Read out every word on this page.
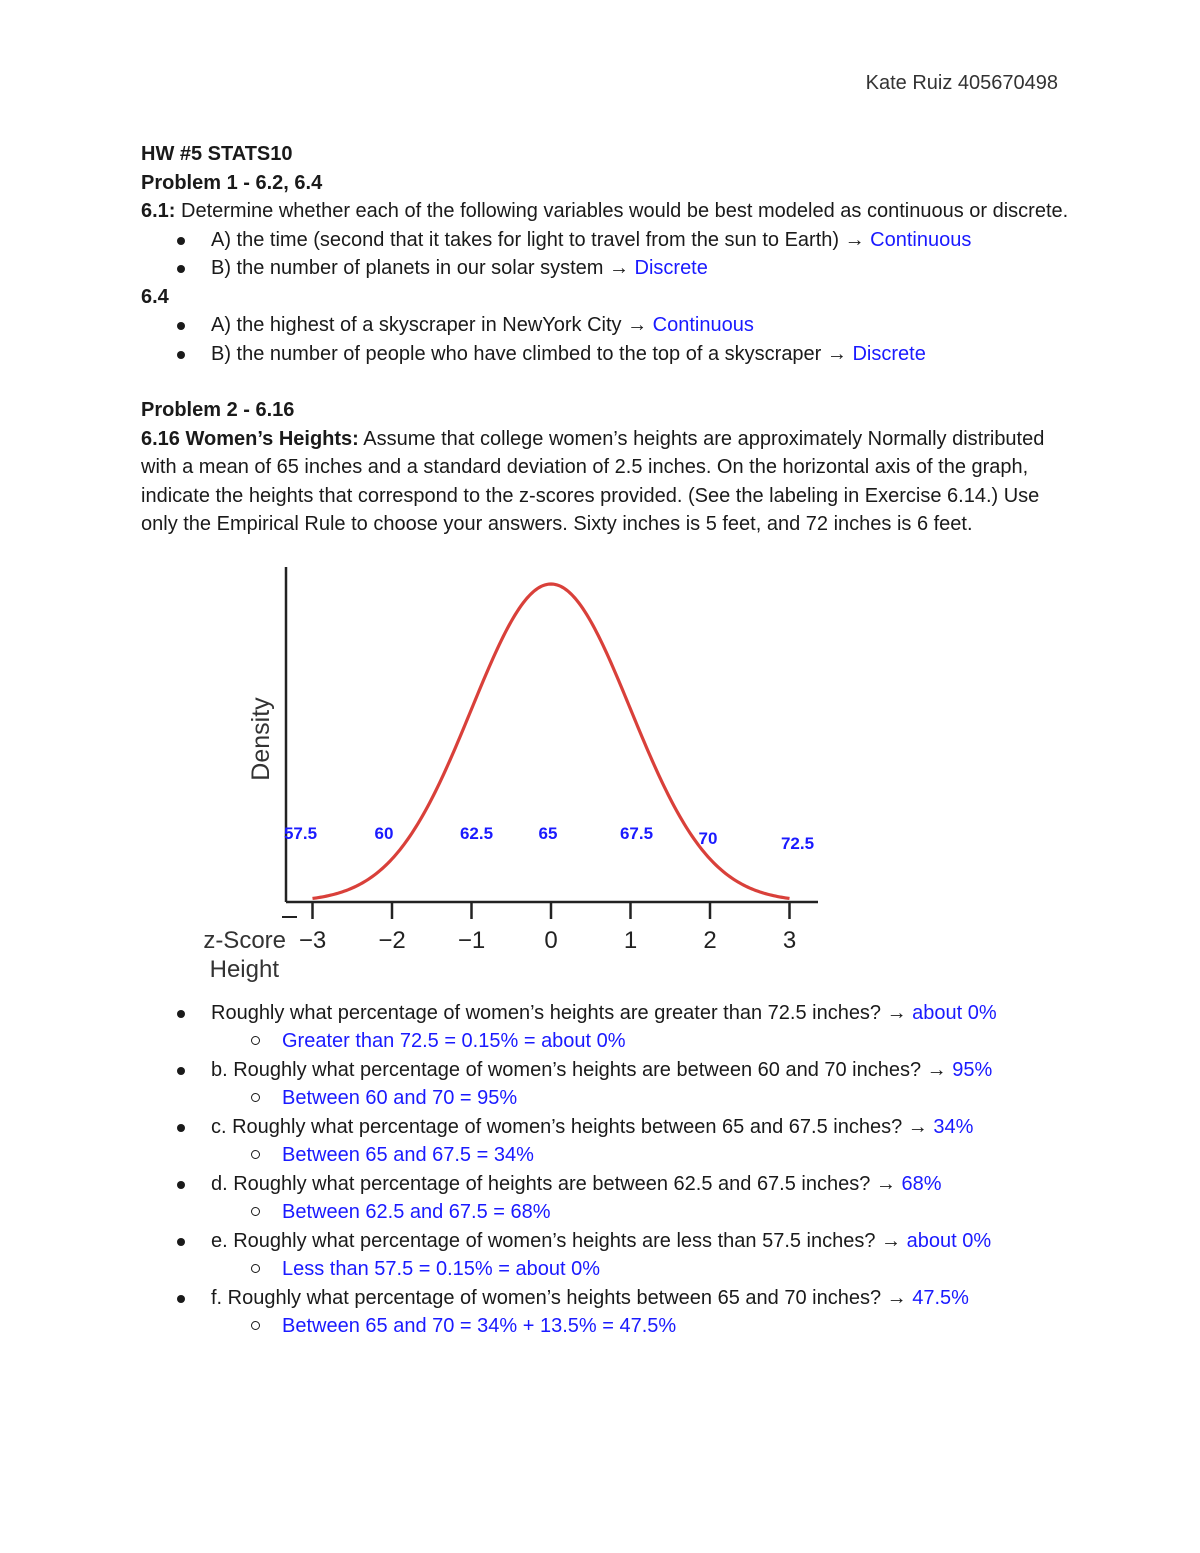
Kate Ruiz 405670498

HW #5 STATS10

Problem 1 - 6.2, 6.4

6.1: Determine whether each of the following variables would be best modeled as continuous or discrete.

A) the time (second that it takes for light to travel from the sun to Earth) → Continuous
B) the number of planets in our solar system → Discrete

6.4

A) the highest of a skyscraper in NewYork City → Continuous
B) the number of people who have climbed to the top of a skyscraper → Discrete

Problem 2 - 6.16

6.16 Women’s Heights: Assume that college women’s heights are approximately Normally distributed with a mean of 65 inches and a standard deviation of 2.5 inches. On the horizontal axis of the graph, indicate the heights that correspond to the z-scores provided. (See the labeling in Exercise 6.14.) Use only the Empirical Rule to choose your answers. Sixty inches is 5 feet, and 72 inches is 6 feet.

−3
57.5
−2
60
−1
62.5
0
65
1
67.5
2
70
3
72.5
Density
z-Score
Height
Roughly what percentage of women’s heights are greater than 72.5 inches? → about 0%
Greater than 72.5 = 0.15% = about 0%
b. Roughly what percentage of women’s heights are between 60 and 70 inches? → 95%
Between 60 and 70 = 95%
c. Roughly what percentage of women’s heights between 65 and 67.5 inches? → 34%
Between 65 and 67.5 = 34%
d. Roughly what percentage of heights are between 62.5 and 67.5 inches? → 68%
Between 62.5 and 67.5 = 68%
e. Roughly what percentage of women’s heights are less than 57.5 inches? → about 0%
Less than 57.5 = 0.15% = about 0%
f. Roughly what percentage of women’s heights between 65 and 70 inches? → 47.5%
Between 65 and 70 = 34% + 13.5% = 47.5%
